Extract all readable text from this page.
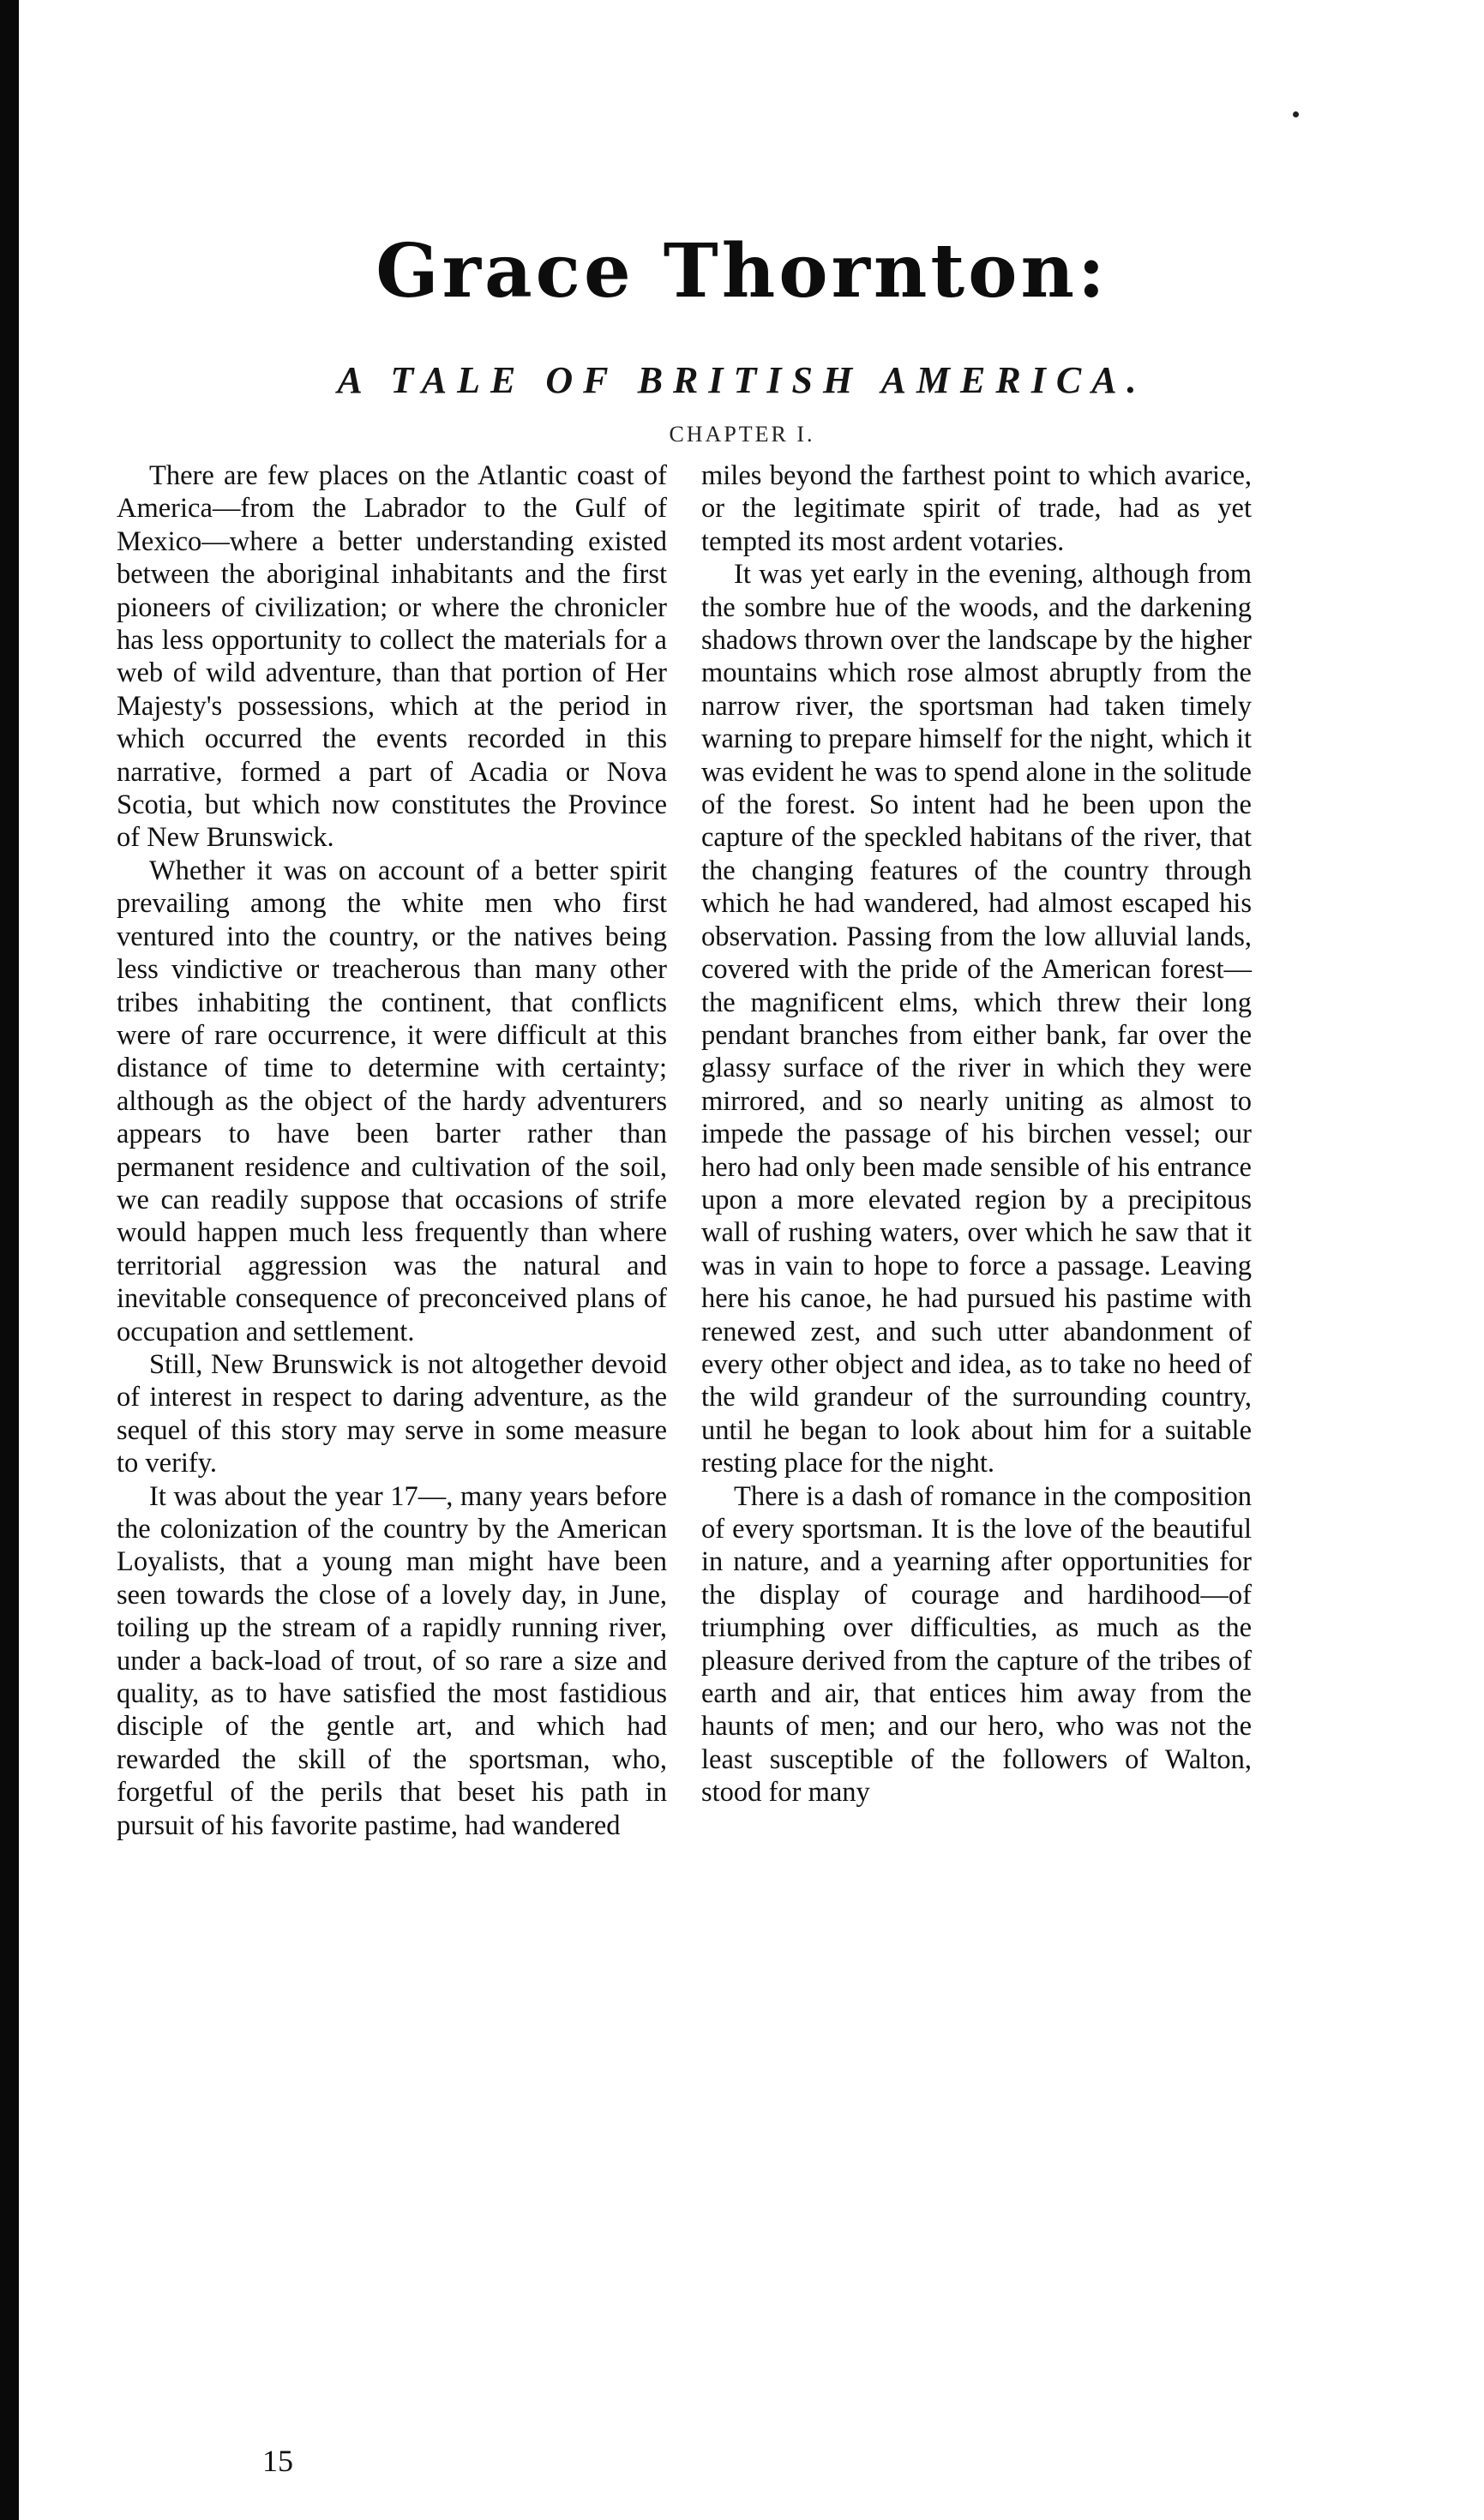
Grace Thornton:
A TALE OF BRITISH AMERICA.
CHAPTER I.

There are few places on the Atlantic coast of America—from the Labrador to the Gulf of Mexico—where a better understanding existed between the aboriginal inhabitants and the first pioneers of civilization; or where the chronicler has less opportunity to collect the materials for a web of wild adventure, than that portion of Her Majesty's possessions, which at the period in which occurred the events recorded in this narrative, formed a part of Acadia or Nova Scotia, but which now constitutes the Province of New Brunswick.

Whether it was on account of a better spirit prevailing among the white men who first ventured into the country, or the natives being less vindictive or treacherous than many other tribes inhabiting the continent, that conflicts were of rare occurrence, it were difficult at this distance of time to determine with certainty; although as the object of the hardy adventurers appears to have been barter rather than permanent residence and cultivation of the soil, we can readily suppose that occasions of strife would happen much less frequently than where territorial aggression was the natural and inevitable consequence of preconceived plans of occupation and settlement.

Still, New Brunswick is not altogether devoid of interest in respect to daring adventure, as the sequel of this story may serve in some measure to verify.

It was about the year 17—, many years before the colonization of the country by the American Loyalists, that a young man might have been seen towards the close of a lovely day, in June, toiling up the stream of a rapidly running river, under a back-load of trout, of so rare a size and quality, as to have satisfied the most fastidious disciple of the gentle art, and which had rewarded the skill of the sportsman, who, forgetful of the perils that beset his path in pursuit of his favorite pastime, had wandered

miles beyond the farthest point to which avarice, or the legitimate spirit of trade, had as yet tempted its most ardent votaries.

It was yet early in the evening, although from the sombre hue of the woods, and the darkening shadows thrown over the landscape by the higher mountains which rose almost abruptly from the narrow river, the sportsman had taken timely warning to prepare himself for the night, which it was evident he was to spend alone in the solitude of the forest. So intent had he been upon the capture of the speckled habitans of the river, that the changing features of the country through which he had wandered, had almost escaped his observation. Passing from the low alluvial lands, covered with the pride of the American forest—the magnificent elms, which threw their long pendant branches from either bank, far over the glassy surface of the river in which they were mirrored, and so nearly uniting as almost to impede the passage of his birchen vessel; our hero had only been made sensible of his entrance upon a more elevated region by a precipitous wall of rushing waters, over which he saw that it was in vain to hope to force a passage. Leaving here his canoe, he had pursued his pastime with renewed zest, and such utter abandonment of every other object and idea, as to take no heed of the wild grandeur of the surrounding country, until he began to look about him for a suitable resting place for the night.

There is a dash of romance in the composition of every sportsman. It is the love of the beautiful in nature, and a yearning after opportunities for the display of courage and hardihood—of triumphing over difficulties, as much as the pleasure derived from the capture of the tribes of earth and air, that entices him away from the haunts of men; and our hero, who was not the least susceptible of the followers of Walton, stood for many

15
